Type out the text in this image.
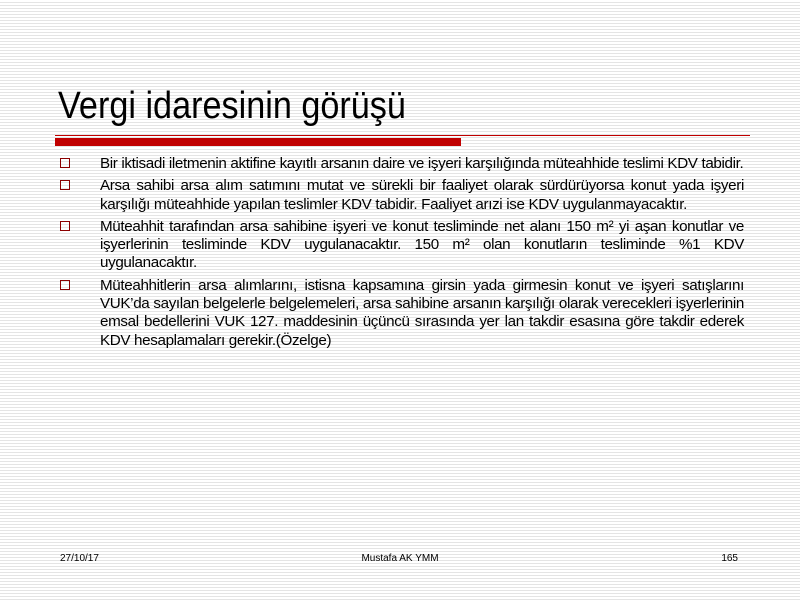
Vergi idaresinin görüşü
Bir iktisadi iletmenin aktifine kayıtlı arsanın daire ve işyeri karşılığında müteahhide teslimi KDV tabidir.
Arsa sahibi arsa alım satımını mutat ve sürekli bir faaliyet olarak sürdürüyorsa konut yada işyeri karşılığı müteahhide yapılan teslimler KDV tabidir. Faaliyet arızi ise KDV uygulanmayacaktır.
Müteahhit tarafından arsa sahibine işyeri ve konut tesliminde net alanı 150 m² yi aşan konutlar ve işyerlerinin tesliminde KDV uygulanacaktır. 150 m² olan konutların tesliminde %1 KDV uygulanacaktır.
Müteahhitlerin arsa alımlarını, istisna kapsamına girsin yada girmesin konut ve işyeri satışlarını VUK’da sayılan belgelerle belgelemeleri, arsa sahibine arsanın karşılığı olarak verecekleri işyerlerinin emsal bedellerini VUK 127. maddesinin üçüncü sırasında yer lan takdir esasına göre takdir ederek KDV hesaplamaları gerekir.(Özelge)
27/10/17	Mustafa AK YMM	165
